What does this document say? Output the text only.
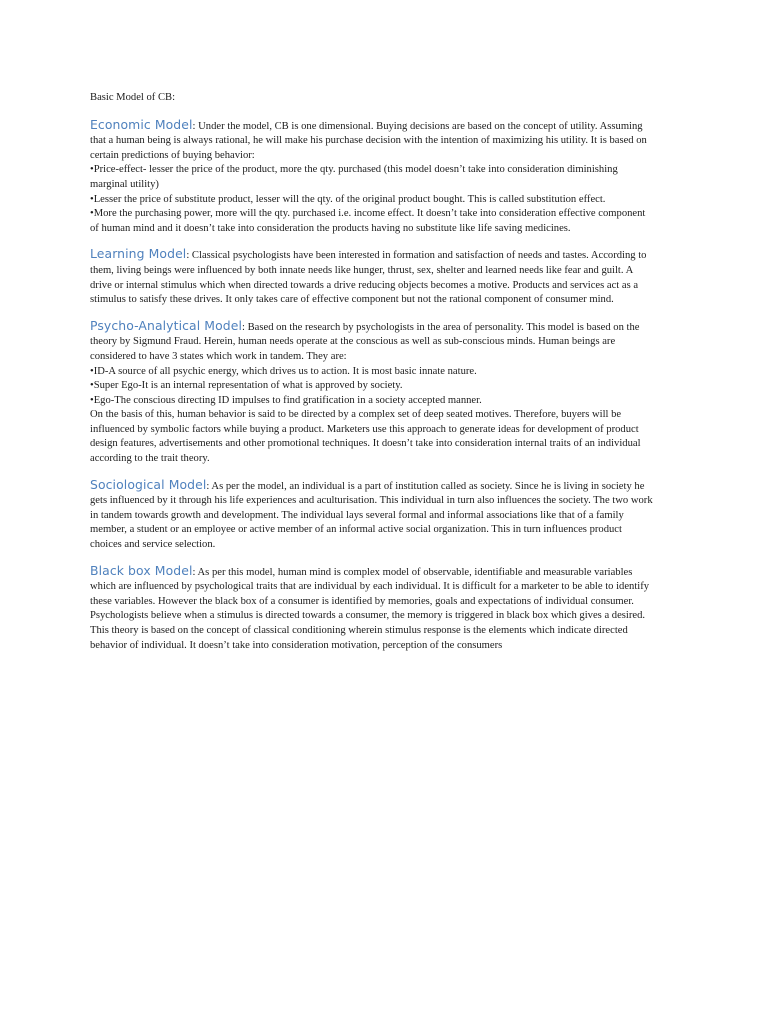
Basic Model of CB:

Economic Model: Under the model, CB is one dimensional. Buying decisions are based on the concept of utility. Assuming that a human being is always rational, he will make his purchase decision with the intention of maximizing his utility. It is based on certain predictions of buying behavior:

•Price-effect- lesser the price of the product, more the qty. purchased (this model doesn’t take into consideration diminishing marginal utility)

•Lesser the price of substitute product, lesser will the qty. of the original product bought. This is called substitution effect.

•More the purchasing power, more will the qty. purchased i.e. income effect. It doesn’t take into consideration effective component of human mind and it doesn’t take into consideration the products having no substitute like life saving medicines.

Learning Model: Classical psychologists have been interested in formation and satisfaction of needs and tastes. According to them, living beings were influenced by both innate needs like hunger, thrust, sex, shelter and learned needs like fear and guilt. A drive or internal stimulus which when directed towards a drive reducing objects becomes a motive. Products and services act as a stimulus to satisfy these drives. It only takes care of effective component but not the rational component of consumer mind.

Psycho-Analytical Model: Based on the research by psychologists in the area of personality. This model is based on the theory by Sigmund Fraud. Herein, human needs operate at the conscious as well as sub-conscious minds. Human beings are considered to have 3 states which work in tandem. They are:

•ID-A source of all psychic energy, which drives us to action. It is most basic innate nature.

•Super Ego-It is an internal representation of what is approved by society.

•Ego-The conscious directing ID impulses to find gratification in a society accepted manner.

On the basis of this, human behavior is said to be directed by a complex set of deep seated motives. Therefore, buyers will be influenced by symbolic factors while buying a product. Marketers use this approach to generate ideas for development of product design features, advertisements and other promotional techniques. It doesn’t take into consideration internal traits of an individual according to the trait theory.

Sociological Model: As per the model, an individual is a part of institution called as society. Since he is living in society he gets influenced by it through his life experiences and aculturisation. This individual in turn also influences the society. The two work in tandem towards growth and development. The individual lays several formal and informal associations like that of a family member, a student or an employee or active member of an informal active social organization. This in turn influences product choices and service selection.

Black box Model: As per this model, human mind is complex model of observable, identifiable and measurable variables which are influenced by psychological traits that are individual by each individual. It is difficult for a marketer to be able to identify these variables. However the black box of a consumer is identified by memories, goals and expectations of individual consumer. Psychologists believe when a stimulus is directed towards a consumer, the memory is triggered in black box which gives a desired. This theory is based on the concept of classical conditioning wherein stimulus response is the elements which indicate directed behavior of individual. It doesn’t take into consideration motivation, perception of the consumers
